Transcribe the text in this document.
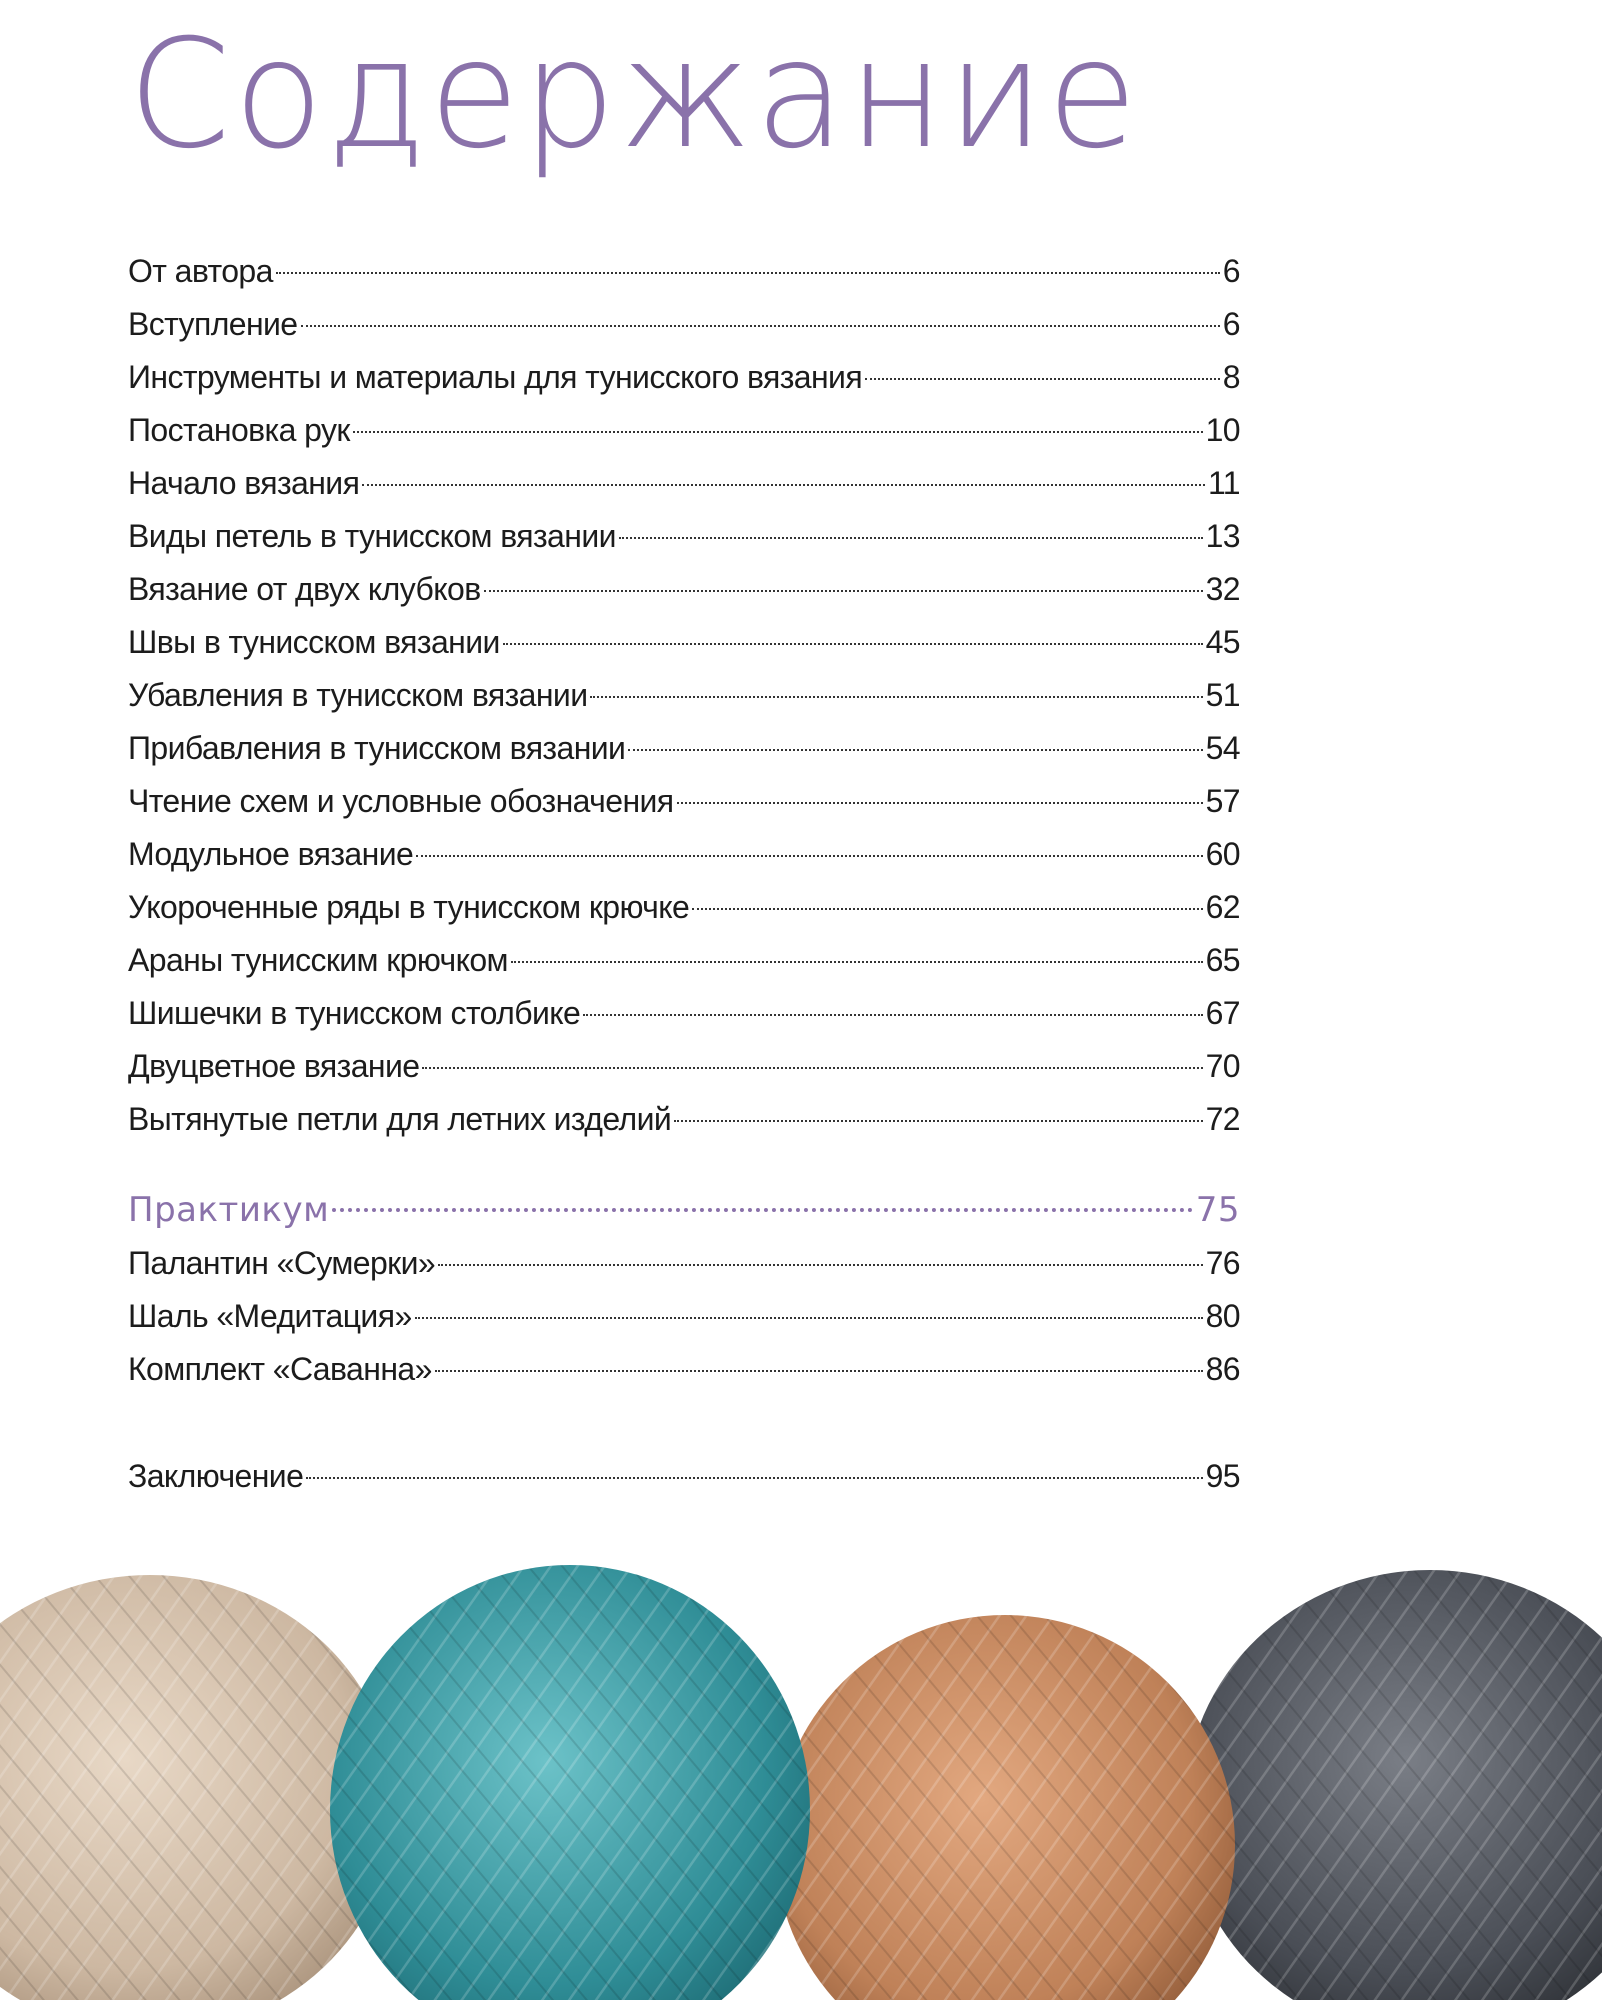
Содержание
От автора	6
Вступление	6
Инструменты и материалы для тунисского вязания	8
Постановка рук	10
Начало вязания	11
Виды петель в тунисском вязании	13
Вязание от двух клубков	32
Швы в тунисском вязании	45
Убавления в тунисском вязании	51
Прибавления в тунисском вязании	54
Чтение схем и условные обозначения	57
Модульное вязание	60
Укороченные ряды в тунисском крючке	62
Араны тунисским крючком	65
Шишечки в тунисском столбике	67
Двуцветное вязание	70
Вытянутые петли для летних изделий	72
Практикум	75
Палантин «Сумерки»	76
Шаль «Медитация»	80
Комплект «Саванна»	86
Заключение	95
